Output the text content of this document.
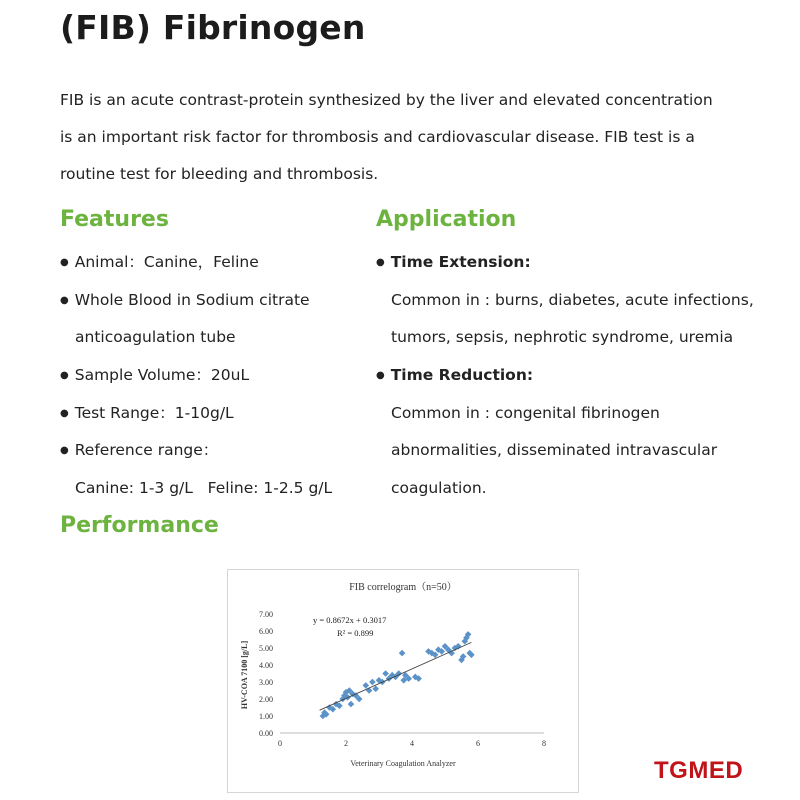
(FIB) Fibrinogen

FIB is an acute contrast-protein synthesized by the liver and elevated concentration

is an important risk factor for thrombosis and cardiovascular disease. FIB test is a

routine test for bleeding and thrombosis.

Features	Application
● Animal：Canine，Feline
● Whole Blood in Sodium citrate
anticoagulation tube
● Sample Volume：20uL
● Test Range：1-10g/L
● Reference range：
Canine: 1-3 g/L   Feline: 1-2.5 g/L
● Time Extension:
Common in : burns, diabetes, acute infections,
tumors, sepsis, nephrotic syndrome, uremia
● Time Reduction:
Common in : congenital fibrinogen
abnormalities, disseminated intravascular
coagulation.
Performance
FIB correlogram（n=50）
y = 0.8672x + 0.3017
R² = 0.899
Veterinary Coagulation Analyzer
HV-COA 7100 [g/L]
0	2	4	6	8
0.00
1.00
2.00
3.00
4.00
5.00
6.00
7.00
TGMED
